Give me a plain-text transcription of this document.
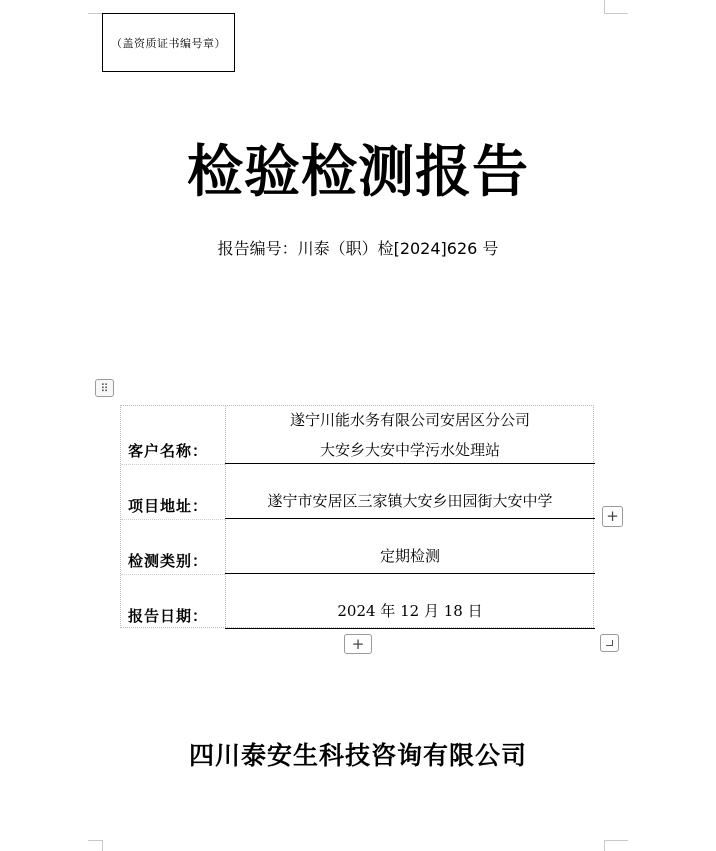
（盖资质证书编号章）
检验检测报告
报告编号：川泰（职）检[2024]626 号
⠿
客户名称：
遂宁川能水务有限公司安居区分公司
大安乡大安中学污水处理站
项目地址：	遂宁市安居区三家镇大安乡田园街大安中学
检测类别：	定期检测
报告日期：	2024 年 12 月 18 日
+
+
四川泰安生科技咨询有限公司
